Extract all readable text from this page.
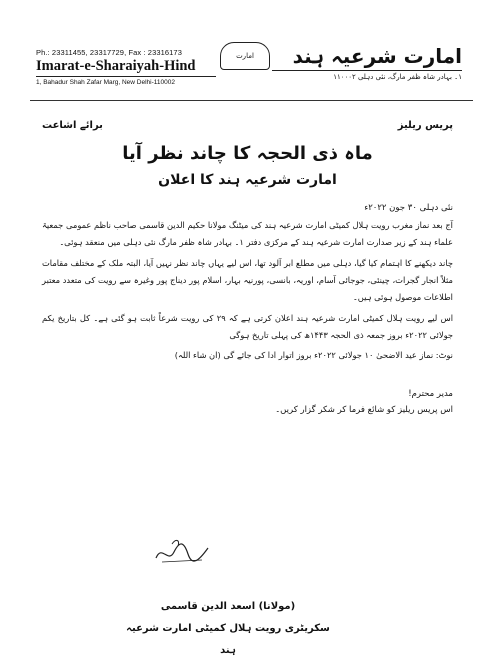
Ph.: 23311455, 23317729, Fax : 23316173
Imarat-e-Sharaiyah-Hind
1, Bahadur Shah Zafar Marg, New Delhi-110002
امارت	امارت شرعیہ ہند
۱۔ بہادر شاہ ظفر مارگ، نئی دہلی ۱۱۰۰۰۲
پریس ریلیز
برائے اشاعت
ماہ ذی الحجہ کا چاند نظر آیا
امارت شرعیہ ہند کا اعلان
نئی دہلی ۳۰ جون ۲۰۲۲ء
آج بعد نماز مغرب رویت ہلال کمیٹی امارت شرعیہ ہند کی میٹنگ مولانا حکیم الدین قاسمی صاحب ناظم عمومی جمعیۃ علماء ہند کے زیر صدارت امارت شرعیہ ہند کے مرکزی دفتر ۱۔ بہادر شاہ ظفر مارگ نئی دہلی میں منعقد ہوئی۔
چاند دیکھنے کا اہتمام کیا گیا، دہلی میں مطلع ابر آلود تھا، اس لیے یہاں چاند نظر نہیں آیا، البتہ ملک کے مختلف مقامات مثلاً انجار گجرات، چینئی، جوجائی آسام، اوریہ، بانسی، پورنیہ بہار، اسلام پور دیناج پور وغیرہ سے رویت کی متعدد معتبر اطلاعات موصول ہوئی ہیں۔
اس لیے رویت ہلال کمیٹی امارت شرعیہ ہند اعلان کرتی ہے کہ ۲۹ کی رویت شرعاً ثابت ہو گئی ہے۔ کل بتاریخ یکم جولائی ۲۰۲۲ء بروز جمعہ ذی الحجہ ۱۴۴۳ھ کی پہلی تاریخ ہوگی
نوٹ: نماز عید الاضحیٰ ۱۰ جولائی ۲۰۲۲ء بروز اتوار ادا کی جائے گی (ان شاء اللہ)
مدیر محترم!
اس پریس ریلیز کو شائع فرما کر شکر گزار کریں۔
(مولانا) اسعد الدین قاسمی
سکریٹری رویت ہلال کمیٹی امارت شرعیہ ہند
